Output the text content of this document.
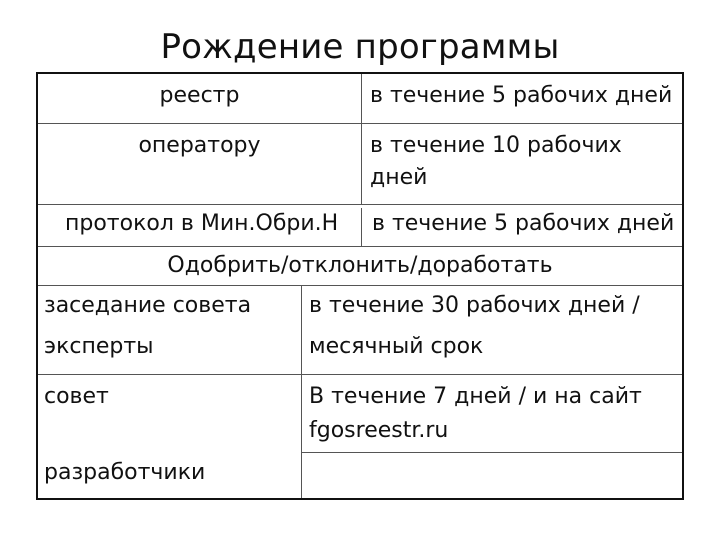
Рождение программы
реестр	в течение 5 рабочих дней
оператору	в течение 10 рабочих
дней
протокол в Мин.Обри.Н в течение 5 рабочих дней
Одобрить/отклонить/доработать
заседание совета	в течение 30 рабочих дней /
эксперты	месячный срок
совет	В течение 7 дней / и на сайт
fgosreestr.ru
разработчики
